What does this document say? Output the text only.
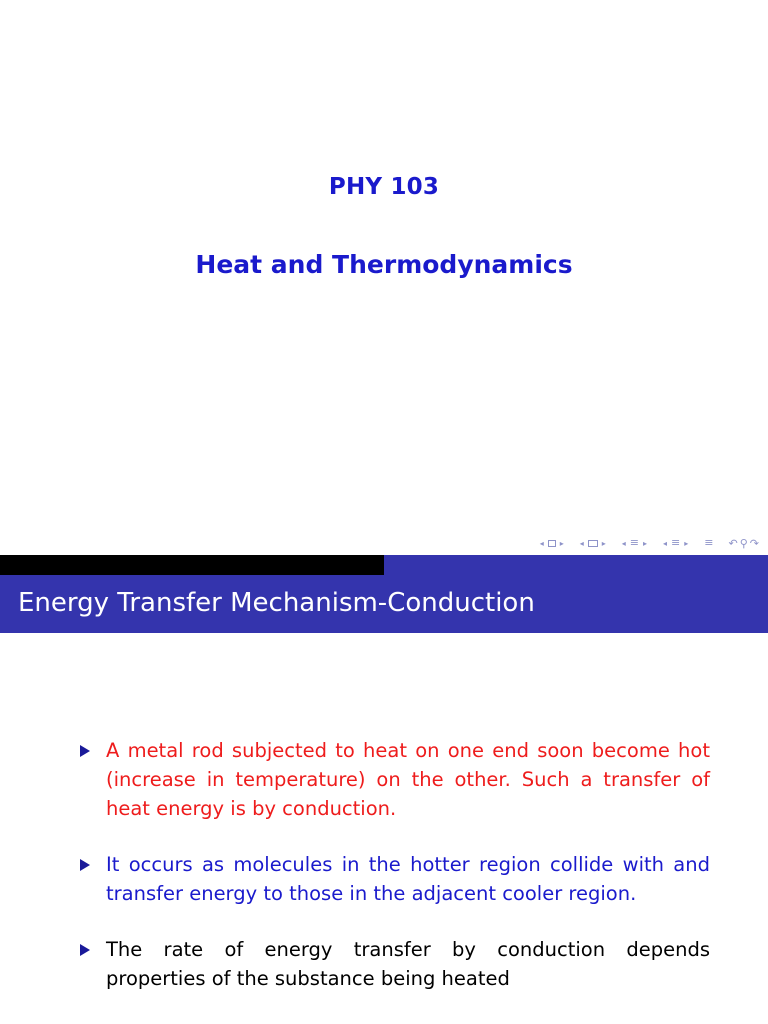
PHY 103
Heat and Thermodynamics
◂ ▸ ◂ ▸ ◂ ≡ ▸ ◂ ≡ ▸ ≡ ↶ ⚲ ↷
Energy Transfer Mechanism-Conduction
A metal rod subjected to heat on one end soon become hot (increase in temperature) on the other. Such a transfer of heat energy is by conduction.
It occurs as molecules in the hotter region collide with and transfer energy to those in the adjacent cooler region.
The rate of energy transfer by conduction depends properties of the substance being heated
